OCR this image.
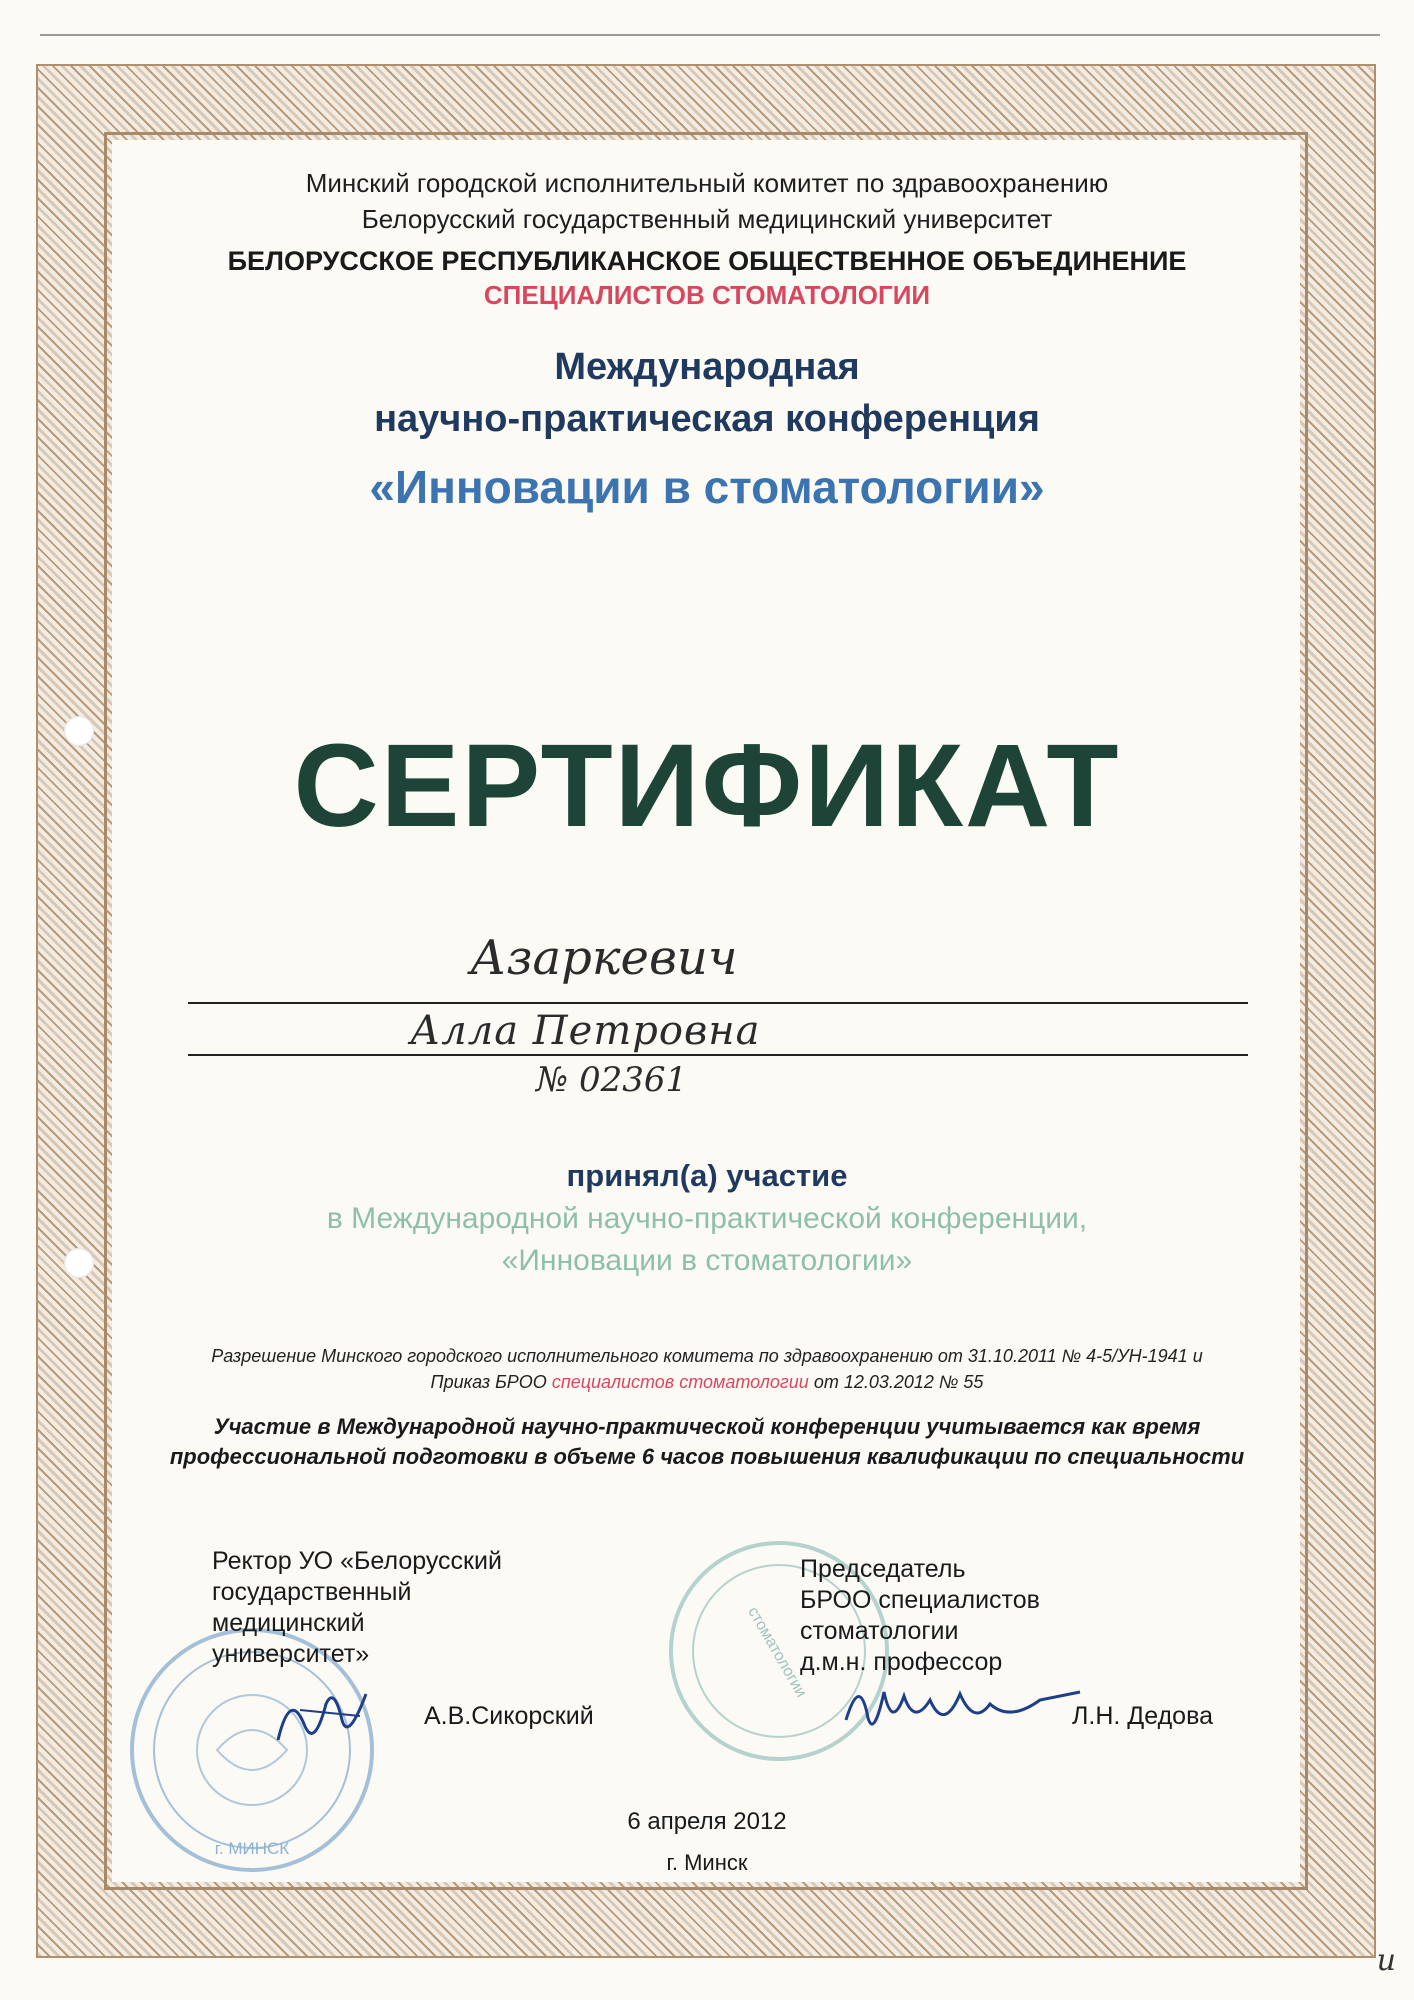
Минский городской исполнительный комитет по здравоохранению

Белорусский государственный медицинский университет

БЕЛОРУССКОЕ РЕСПУБЛИКАНСКОЕ ОБЩЕСТВЕННОЕ ОБЪЕДИНЕНИЕ

СПЕЦИАЛИСТОВ СТОМАТОЛОГИИ

Международная

научно-практическая конференция

«Инновации в стоматологии»

СЕРТИФИКАТ

Азаркевич
Алла Петровна
№ 02361

принял(а) участие

в Международной научно-практической конференции,

«Инновации в стоматологии»

Разрешение Минского городского исполнительного комитета по здравоохранению от 31.10.2011 № 4-5/УН-1941 и

Приказ БРОО специалистов стоматологии от 12.03.2012 № 55

Участие в Международной научно-практической конференции учитывается как время

профессиональной подготовки в объеме 6 часов повышения квалификации по специальности

г. МИНСК
стоматологии
Ректор УО «Белорусский
государственный
медицинский
университет»
Председатель
БРОО специалистов
стоматологии
д.м.н. профессор
А.В.Сикорский	Л.Н. Дедова

6 апреля 2012

г. Минск

и
